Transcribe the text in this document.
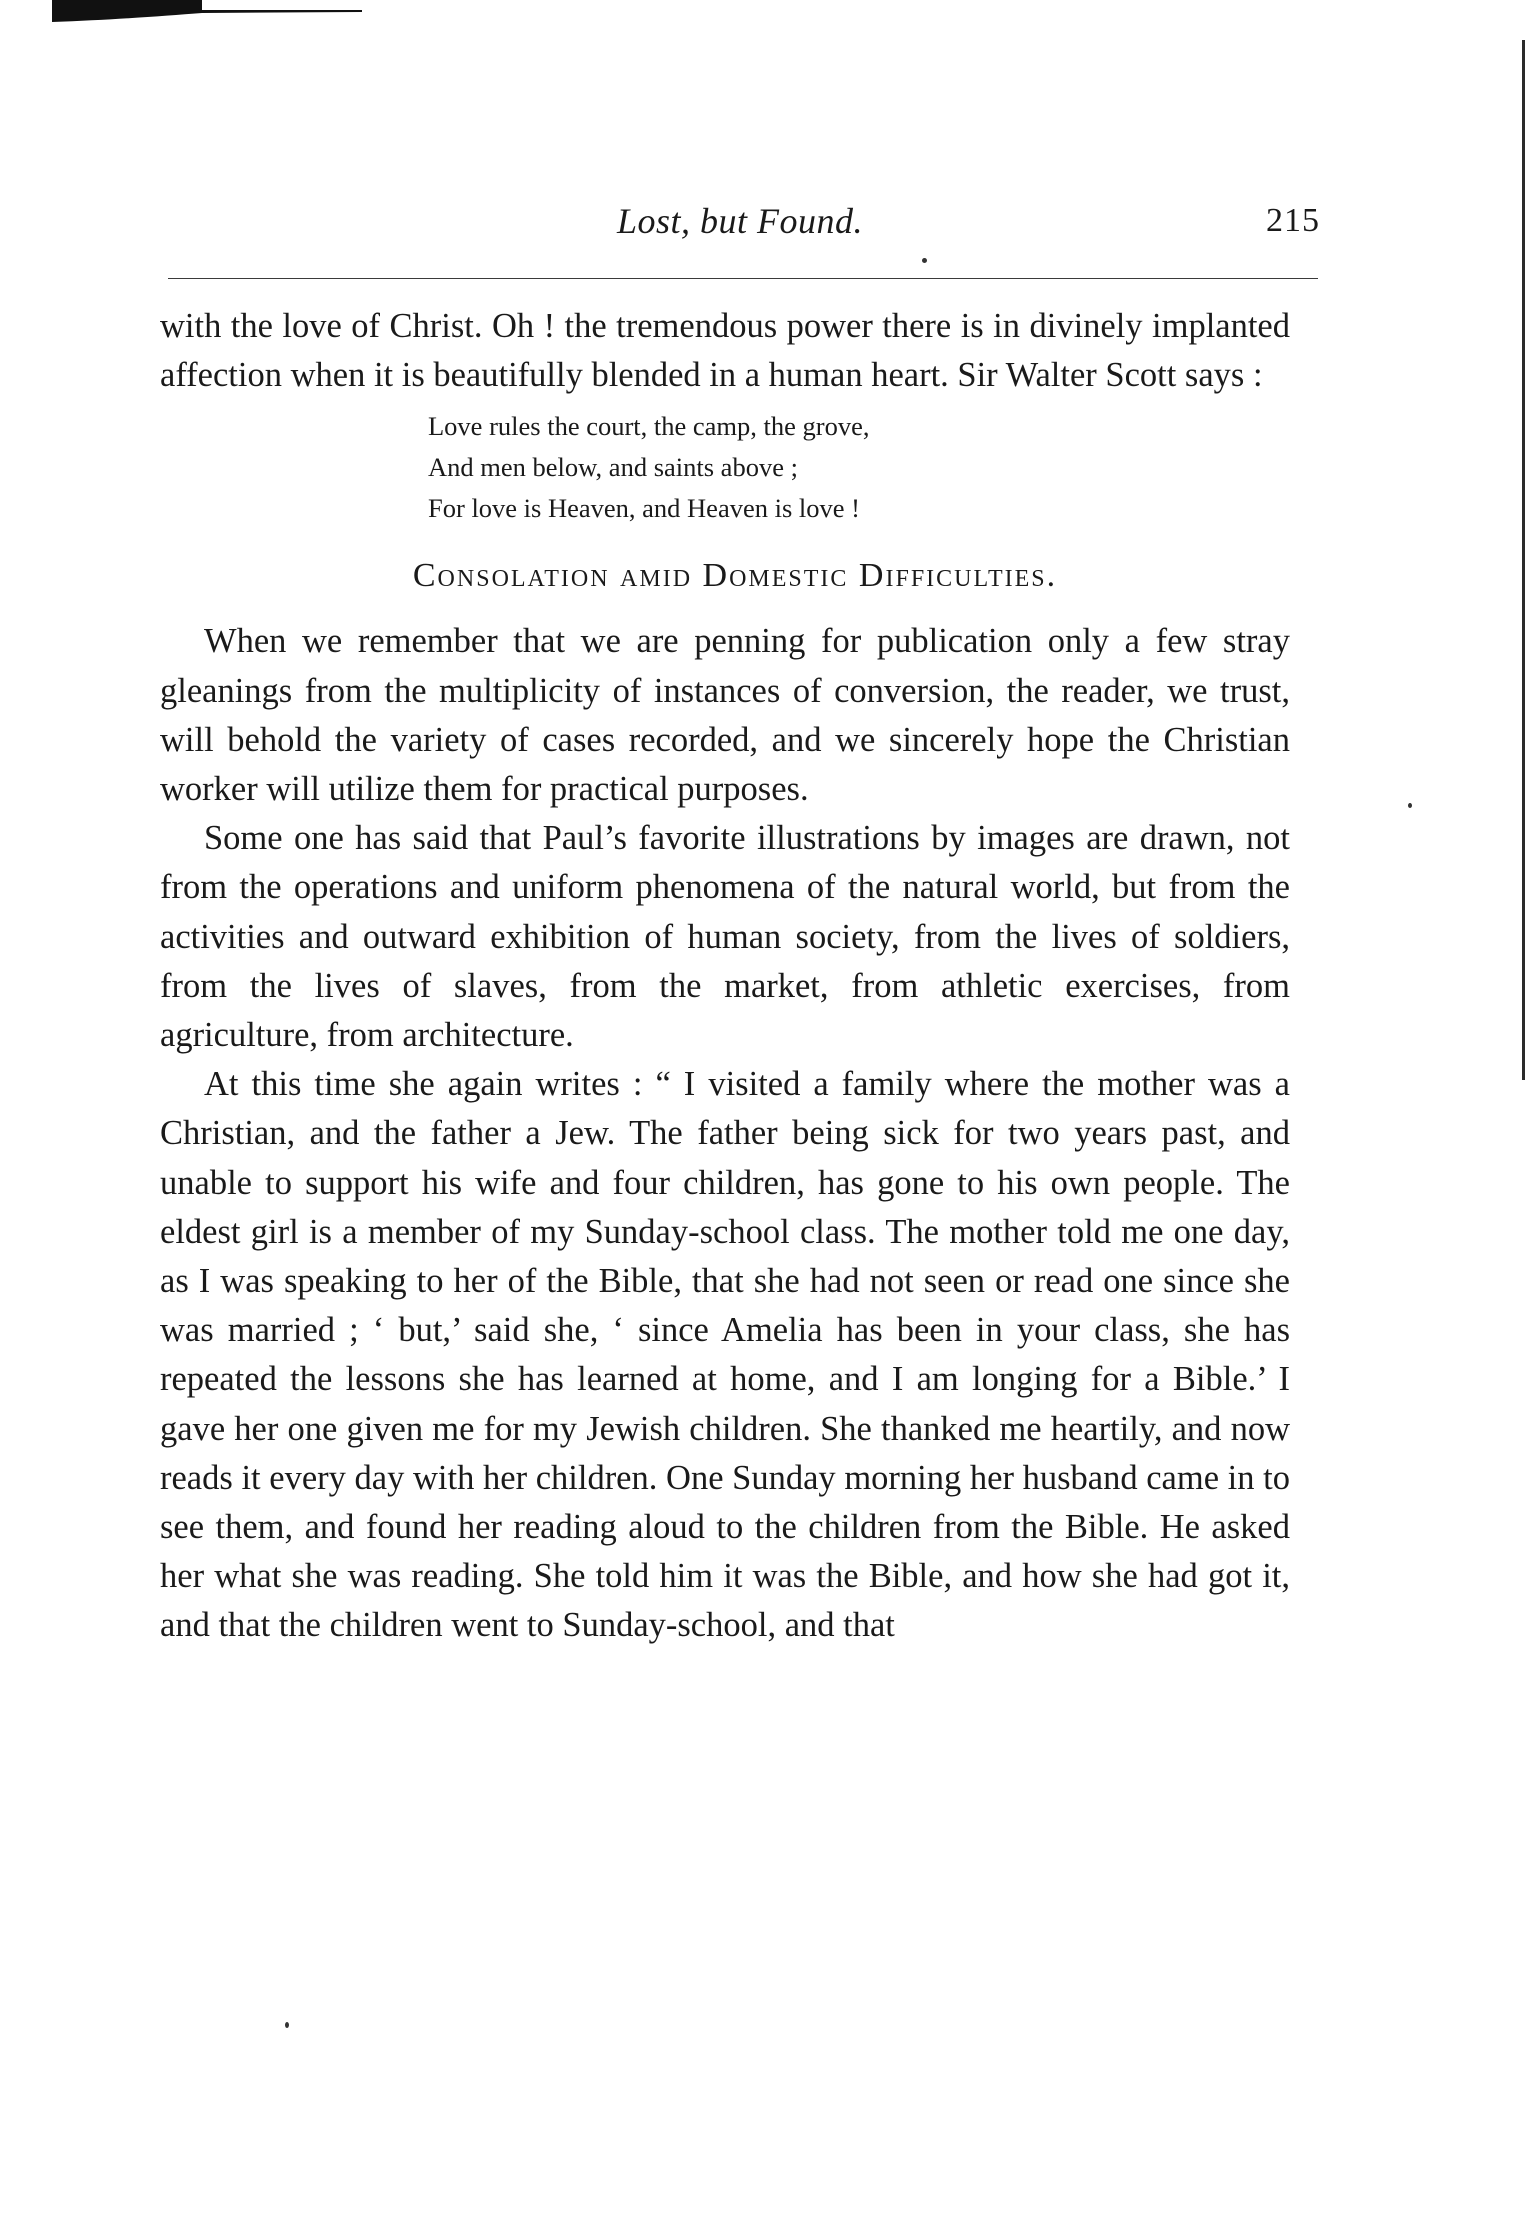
Lost, but Found.	215

with the love of Christ. Oh ! the tremendous power there is in divinely implanted affection when it is beautifully blended in a human heart. Sir Walter Scott says :

Love rules the court, the camp, the grove,
And men below, and saints above ;
For love is Heaven, and Heaven is love !
Consolation amid Domestic Difficulties.

When we remember that we are penning for publication only a few stray gleanings from the multiplicity of instances of conversion, the reader, we trust, will behold the variety of cases recorded, and we sincerely hope the Christian worker will utilize them for practical purposes.

Some one has said that Paul’s favorite illustrations by images are drawn, not from the operations and uniform phenomena of the natural world, but from the activities and outward exhibition of human society, from the lives of soldiers, from the lives of slaves, from the market, from athletic exercises, from agriculture, from architecture.

At this time she again writes : “ I visited a family where the mother was a Christian, and the father a Jew. The father being sick for two years past, and unable to support his wife and four children, has gone to his own people. The eldest girl is a member of my Sunday-school class. The mother told me one day, as I was speaking to her of the Bible, that she had not seen or read one since she was married ; ‘ but,’ said she, ‘ since Amelia has been in your class, she has repeated the lessons she has learned at home, and I am longing for a Bible.’ I gave her one given me for my Jewish children. She thanked me heartily, and now reads it every day with her children. One Sunday morning her husband came in to see them, and found her reading aloud to the children from the Bible. He asked her what she was reading. She told him it was the Bible, and how she had got it, and that the children went to Sunday-school, and that
